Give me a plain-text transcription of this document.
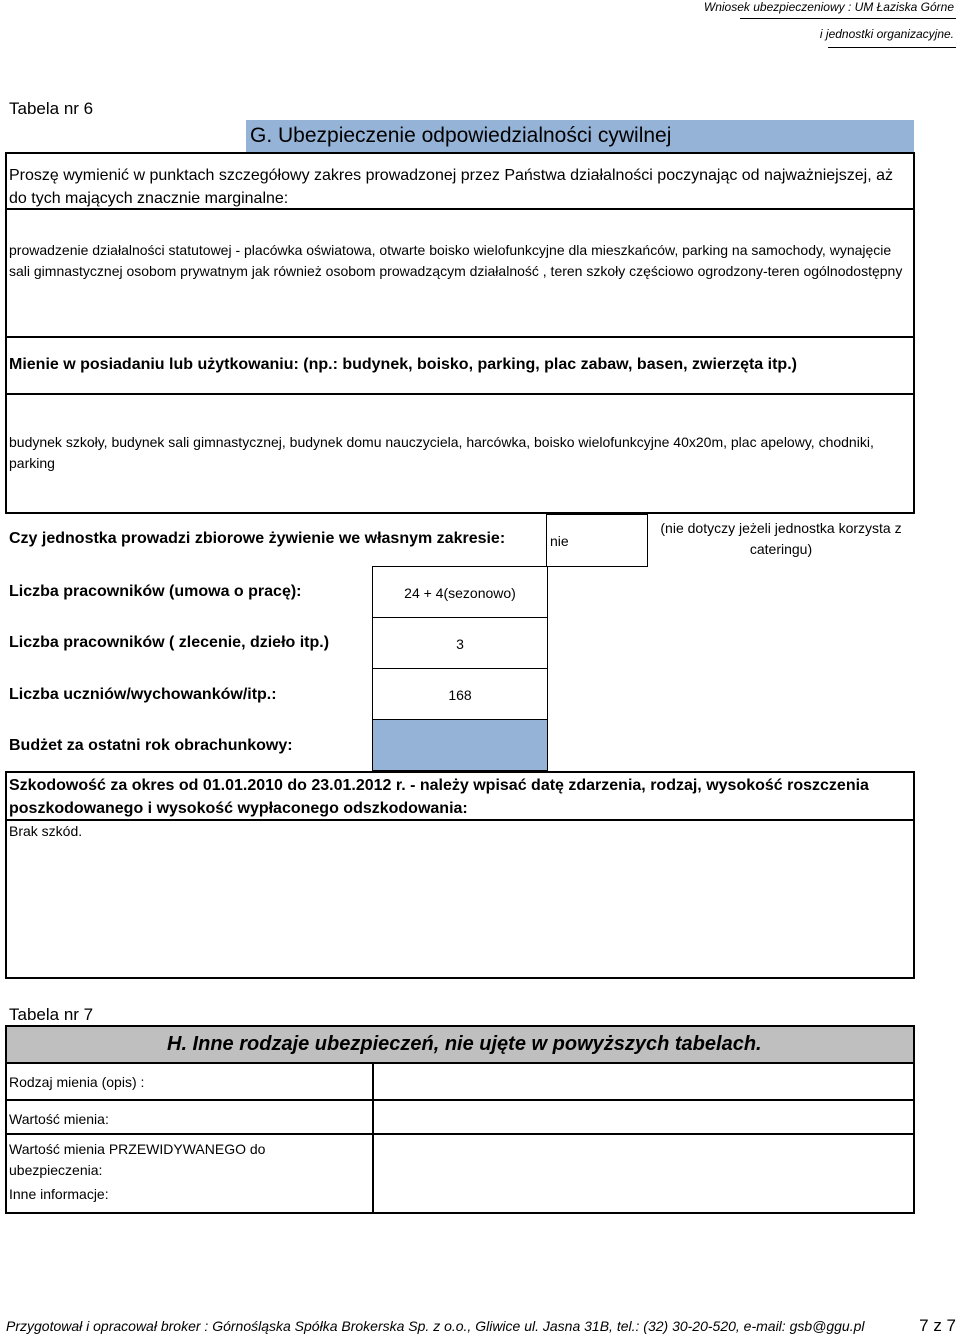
Wniosek ubezpieczeniowy : UM Łaziska Górne
i jednostki organizacyjne.
Tabela nr 6
G. Ubezpieczenie odpowiedzialności cywilnej
Proszę wymienić w punktach szczegółowy zakres prowadzonej przez Państwa działalności poczynając od najważniejszej, aż do tych mających znacznie marginalne:
prowadzenie działalności statutowej - placówka oświatowa, otwarte boisko wielofunkcyjne dla mieszkańców, parking na samochody, wynajęcie sali gimnastycznej osobom prywatnym jak również osobom prowadzącym działalność , teren szkoły częściowo ogrodzony-teren ogólnodostępny
Mienie w posiadaniu lub użytkowaniu: (np.: budynek, boisko, parking, plac zabaw, basen, zwierzęta itp.)
budynek szkoły, budynek sali gimnastycznej, budynek domu nauczyciela, harcówka, boisko wielofunkcyjne 40x20m, plac apelowy, chodniki, parking
Czy jednostka prowadzi zbiorowe żywienie we własnym zakresie:	nie
(nie dotyczy jeżeli jednostka korzysta z cateringu)
Liczba pracowników (umowa o pracę):	24 + 4(sezonowo)
Liczba pracowników ( zlecenie, dzieło itp.)	3
Liczba uczniów/wychowanków/itp.:	168
Budżet za ostatni rok obrachunkowy:
Szkodowość za okres od 01.01.2010 do 23.01.2012 r. - należy wpisać datę zdarzenia, rodzaj, wysokość roszczenia poszkodowanego i wysokość wypłaconego odszkodowania:
Brak szkód.
Tabela nr 7
H. Inne rodzaje ubezpieczeń, nie ujęte w powyższych tabelach.
Rodzaj mienia (opis) :
Wartość mienia:
Wartość mienia PRZEWIDYWANEGO do ubezpieczenia:
Inne informacje:
Przygotował i opracował broker : Górnośląska Spółka Brokerska Sp. z o.o., Gliwice ul. Jasna 31B, tel.: (32) 30-20-520, e-mail: gsb@ggu.pl	7 z 7
